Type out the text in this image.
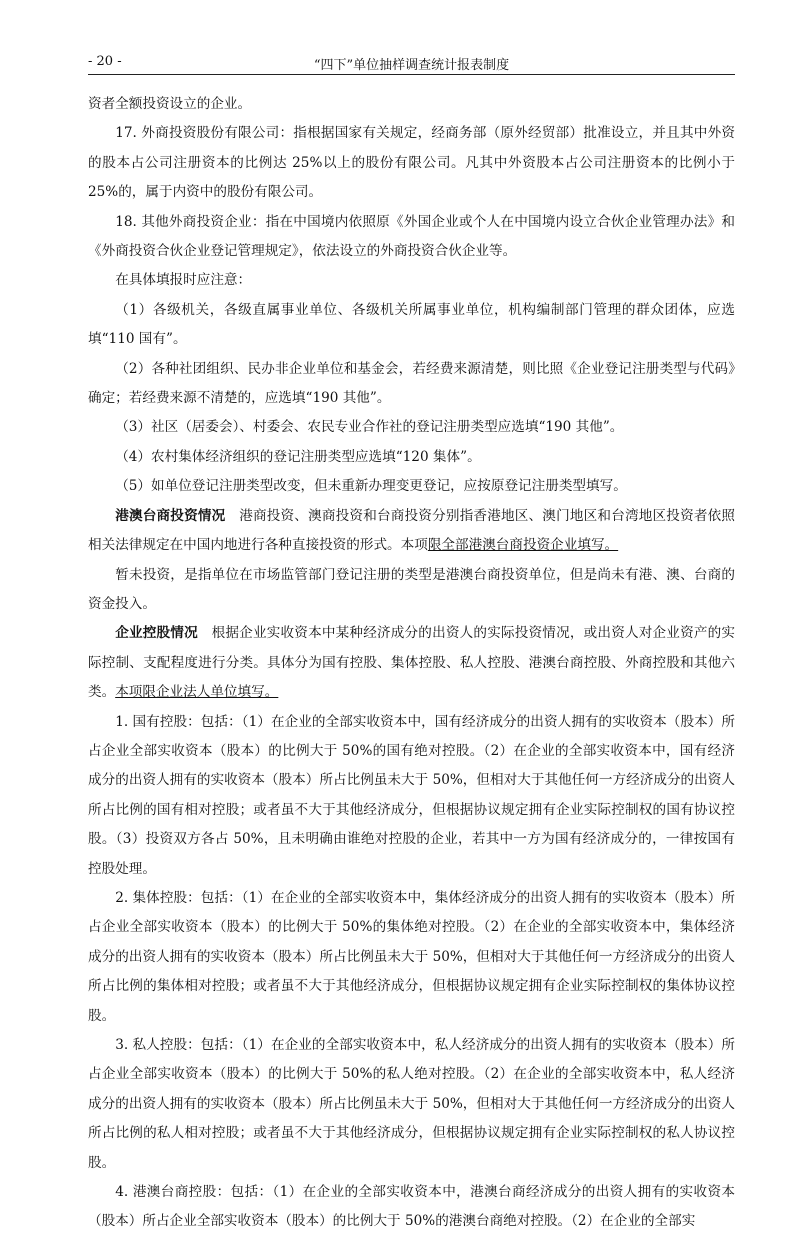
- 20 -	“四下”单位抽样调查统计报表制度

资者全额投资设立的企业。

17. 外商投资股份有限公司：指根据国家有关规定，经商务部（原外经贸部）批准设立，并且其中外资的股本占公司注册资本的比例达 25%以上的股份有限公司。凡其中外资股本占公司注册资本的比例小于 25%的，属于内资中的股份有限公司。

18. 其他外商投资企业：指在中国境内依照原《外国企业或个人在中国境内设立合伙企业管理办法》和《外商投资合伙企业登记管理规定》，依法设立的外商投资合伙企业等。

在具体填报时应注意：

（1）各级机关，各级直属事业单位、各级机关所属事业单位，机构编制部门管理的群众团体，应选填“110 国有”。

（2）各种社团组织、民办非企业单位和基金会，若经费来源清楚，则比照《企业登记注册类型与代码》确定；若经费来源不清楚的，应选填“190 其他”。

（3）社区（居委会）、村委会、农民专业合作社的登记注册类型应选填“190 其他”。

（4）农村集体经济组织的登记注册类型应选填“120 集体”。

（5）如单位登记注册类型改变，但未重新办理变更登记，应按原登记注册类型填写。

港澳台商投资情况　港商投资、澳商投资和台商投资分别指香港地区、澳门地区和台湾地区投资者依照相关法律规定在中国内地进行各种直接投资的形式。本项限全部港澳台商投资企业填写。

暂未投资，是指单位在市场监管部门登记注册的类型是港澳台商投资单位，但是尚未有港、澳、台商的资金投入。

企业控股情况　根据企业实收资本中某种经济成分的出资人的实际投资情况，或出资人对企业资产的实际控制、支配程度进行分类。具体分为国有控股、集体控股、私人控股、港澳台商控股、外商控股和其他六类。本项限企业法人单位填写。

1. 国有控股：包括：（1）在企业的全部实收资本中，国有经济成分的出资人拥有的实收资本（股本）所占企业全部实收资本（股本）的比例大于 50%的国有绝对控股。（2）在企业的全部实收资本中，国有经济成分的出资人拥有的实收资本（股本）所占比例虽未大于 50%，但相对大于其他任何一方经济成分的出资人所占比例的国有相对控股；或者虽不大于其他经济成分，但根据协议规定拥有企业实际控制权的国有协议控股。（3）投资双方各占 50%，且未明确由谁绝对控股的企业，若其中一方为国有经济成分的，一律按国有控股处理。

2. 集体控股：包括：（1）在企业的全部实收资本中，集体经济成分的出资人拥有的实收资本（股本）所占企业全部实收资本（股本）的比例大于 50%的集体绝对控股。（2）在企业的全部实收资本中，集体经济成分的出资人拥有的实收资本（股本）所占比例虽未大于 50%，但相对大于其他任何一方经济成分的出资人所占比例的集体相对控股；或者虽不大于其他经济成分，但根据协议规定拥有企业实际控制权的集体协议控股。

3. 私人控股：包括：（1）在企业的全部实收资本中，私人经济成分的出资人拥有的实收资本（股本）所占企业全部实收资本（股本）的比例大于 50%的私人绝对控股。（2）在企业的全部实收资本中，私人经济成分的出资人拥有的实收资本（股本）所占比例虽未大于 50%，但相对大于其他任何一方经济成分的出资人所占比例的私人相对控股；或者虽不大于其他经济成分，但根据协议规定拥有企业实际控制权的私人协议控股。

4. 港澳台商控股：包括：（1）在企业的全部实收资本中，港澳台商经济成分的出资人拥有的实收资本（股本）所占企业全部实收资本（股本）的比例大于 50%的港澳台商绝对控股。（2）在企业的全部实
